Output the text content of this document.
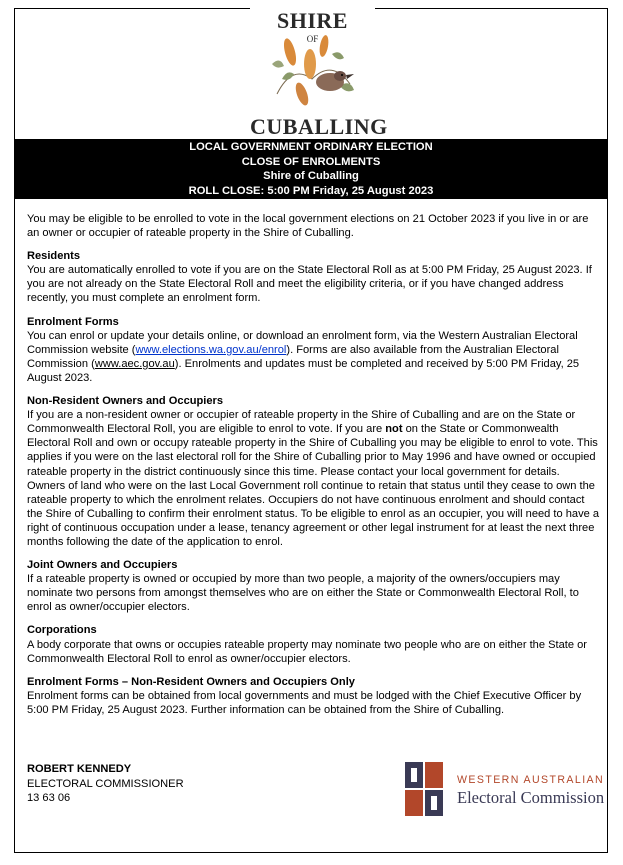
SHIRE
OF
CUBALLING
LOCAL GOVERNMENT ORDINARY ELECTION
CLOSE OF ENROLMENTS
Shire of Cuballing
ROLL CLOSE: 5:00 PM Friday, 25 August 2023

You may be eligible to be enrolled to vote in the local government elections on 21 October 2023 if you live in or are an owner or occupier of rateable property in the Shire of Cuballing.

Residents

You are automatically enrolled to vote if you are on the State Electoral Roll as at 5:00 PM Friday, 25 August 2023. If you are not already on the State Electoral Roll and meet the eligibility criteria, or if you have changed address recently, you must complete an enrolment form.

Enrolment Forms

You can enrol or update your details online, or download an enrolment form, via the Western Australian Electoral Commission website (www.elections.wa.gov.au/enrol). Forms are also available from the Australian Electoral Commission (www.aec.gov.au). Enrolments and updates must be completed and received by 5:00 PM Friday, 25 August 2023.

Non-Resident Owners and Occupiers

If you are a non-resident owner or occupier of rateable property in the Shire of Cuballing and are on the State or Commonwealth Electoral Roll, you are eligible to enrol to vote. If you are not on the State or Commonwealth Electoral Roll and own or occupy rateable property in the Shire of Cuballing you may be eligible to enrol to vote. This applies if you were on the last electoral roll for the Shire of Cuballing prior to May 1996 and have owned or occupied rateable property in the district continuously since this time. Please contact your local government for details. Owners of land who were on the last Local Government roll continue to retain that status until they cease to own the rateable property to which the enrolment relates. Occupiers do not have continuous enrolment and should contact the Shire of Cuballing to confirm their enrolment status. To be eligible to enrol as an occupier, you will need to have a right of continuous occupation under a lease, tenancy agreement or other legal instrument for at least the next three months following the date of the application to enrol.

Joint Owners and Occupiers

If a rateable property is owned or occupied by more than two people, a majority of the owners/occupiers may nominate two persons from amongst themselves who are on either the State or Commonwealth Electoral Roll, to enrol as owner/occupier electors.

Corporations

A body corporate that owns or occupies rateable property may nominate two people who are on either the State or Commonwealth Electoral Roll to enrol as owner/occupier electors.

Enrolment Forms – Non-Resident Owners and Occupiers Only

Enrolment forms can be obtained from local governments and must be lodged with the Chief Executive Officer by 5:00 PM Friday, 25 August 2023. Further information can be obtained from the Shire of Cuballing.

ROBERT KENNEDY
ELECTORAL COMMISSIONER
13 63 06
WESTERN AUSTRALIAN
Electoral Commission
